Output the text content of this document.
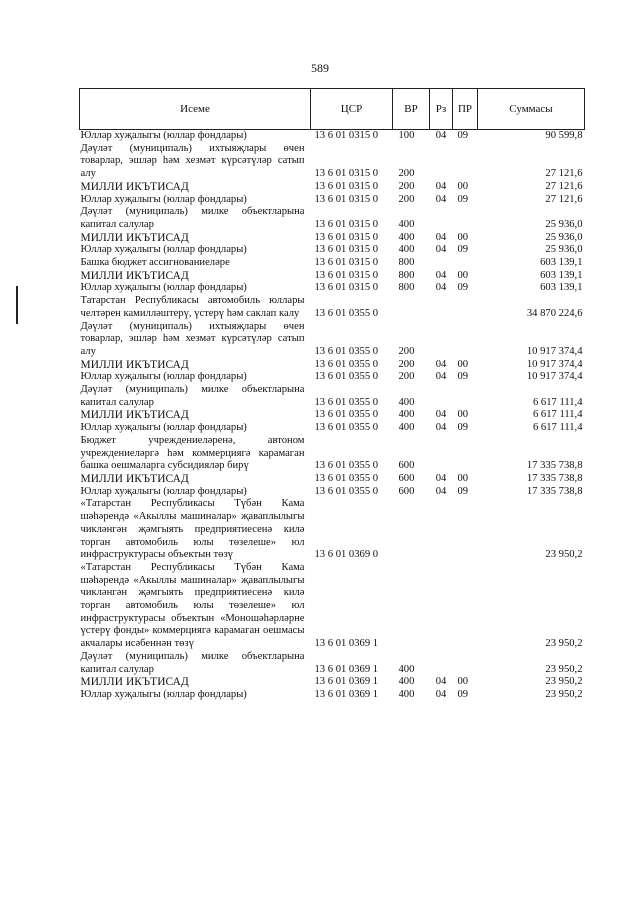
589
Исеме	ЦСР	ВР	Рз	ПР	Суммасы
Юллар хуҗалыгы (юллар фондлары)	13 6 01 0315 0	100	04	09	90 599,8
Дәүләт (муниципаль) ихтыяҗлары өчен товарлар, эшләр һәм хезмәт күрсәтүләр сатып алу	13 6 01 0315 0	200			27 121,6
МИЛЛИ ИКЪТИСАД	13 6 01 0315 0	200	04	00	27 121,6
Юллар хуҗалыгы (юллар фондлары)	13 6 01 0315 0	200	04	09	27 121,6
Дәүләт (муниципаль) милке объектларына капитал салулар	13 6 01 0315 0	400			25 936,0
МИЛЛИ ИКЪТИСАД	13 6 01 0315 0	400	04	00	25 936,0
Юллар хуҗалыгы (юллар фондлары)	13 6 01 0315 0	400	04	09	25 936,0
Башка бюджет ассигнованиеләре	13 6 01 0315 0	800			603 139,1
МИЛЛИ ИКЪТИСАД	13 6 01 0315 0	800	04	00	603 139,1
Юллар хуҗалыгы (юллар фондлары)	13 6 01 0315 0	800	04	09	603 139,1
Татарстан Республикасы автомобиль юллары челтәрен камилләштерү, үстерү һәм саклап калу	13 6 01 0355 0				34 870 224,6
Дәүләт (муниципаль) ихтыяҗлары өчен товарлар, эшләр һәм хезмәт күрсәтүләр сатып алу	13 6 01 0355 0	200			10 917 374,4
МИЛЛИ ИКЪТИСАД	13 6 01 0355 0	200	04	00	10 917 374,4
Юллар хуҗалыгы (юллар фондлары)	13 6 01 0355 0	200	04	09	10 917 374,4
Дәүләт (муниципаль) милке объектларына капитал салулар	13 6 01 0355 0	400			6 617 111,4
МИЛЛИ ИКЪТИСАД	13 6 01 0355 0	400	04	00	6 617 111,4
Юллар хуҗалыгы (юллар фондлары)	13 6 01 0355 0	400	04	09	6 617 111,4
Бюджет учреждениеләренә, автоном учреждениеләргә һәм коммерциягә карамаган башка оешмаларга субсидияләр бирү	13 6 01 0355 0	600			17 335 738,8
МИЛЛИ ИКЪТИСАД	13 6 01 0355 0	600	04	00	17 335 738,8
Юллар хуҗалыгы (юллар фондлары)	13 6 01 0355 0	600	04	09	17 335 738,8
«Татарстан Республикасы Түбән Кама шәһәрендә «Акыллы машиналар» җаваплылыгы чикләнгән җәмгыять предприятиесенә килә торган автомобиль юлы төзелеше» юл инфраструктурасы объектын төзү	13 6 01 0369 0				23 950,2
«Татарстан Республикасы Түбән Кама шәһәрендә «Акыллы машиналар» җаваплылыгы чикләнгән җәмгыять предприятиесенә килә торган автомобиль юлы төзелеше» юл инфраструктурасы объектын «Моношәһәрләрне үстерү фонды» коммерциягә карамаган оешмасы акчалары исәбеннән төзү	13 6 01 0369 1				23 950,2
Дәүләт (муниципаль) милке объектларына капитал салулар	13 6 01 0369 1	400			23 950,2
МИЛЛИ ИКЪТИСАД	13 6 01 0369 1	400	04	00	23 950,2
Юллар хуҗалыгы (юллар фондлары)	13 6 01 0369 1	400	04	09	23 950,2
